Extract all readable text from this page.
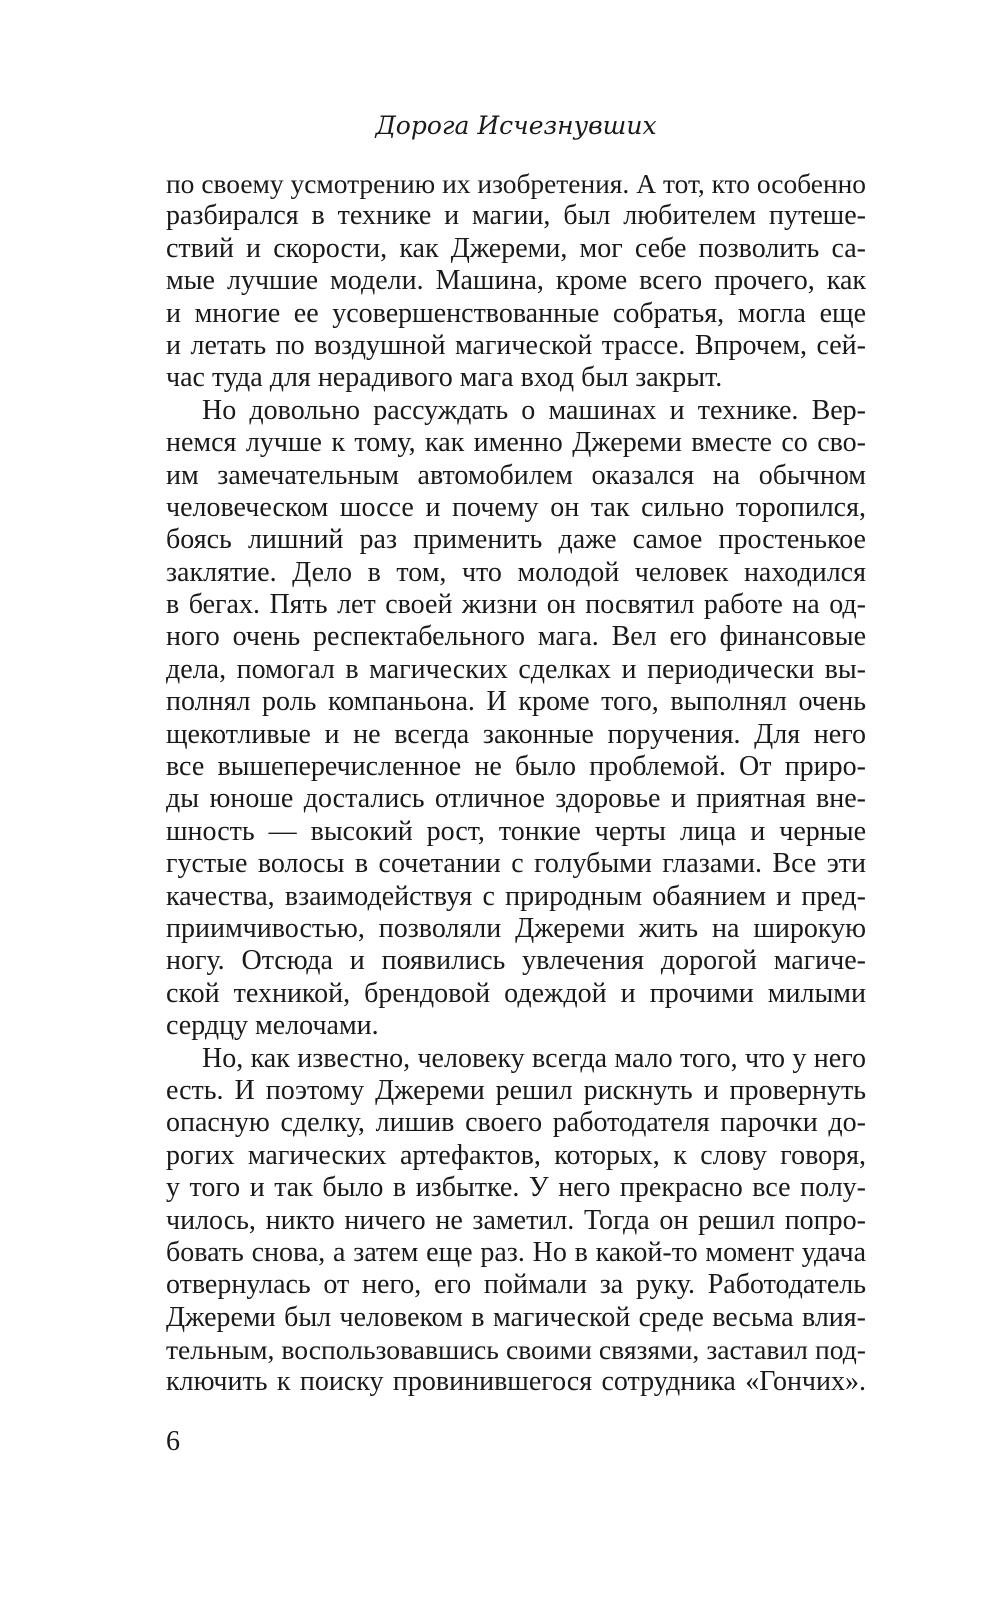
Дорога Исчезнувших
по своему усмотрению их изобретения. А тот, кто особенно
разбирался в технике и магии, был любителем путеше-
ствий и скорости, как Джереми, мог себе позволить са-
мые лучшие модели. Машина, кроме всего прочего, как
и многие ее усовершенствованные собратья, могла еще
и летать по воздушной магической трассе. Впрочем, сей-
час туда для нерадивого мага вход был закрыт.
Но довольно рассуждать о машинах и технике. Вер-
немся лучше к тому, как именно Джереми вместе со сво-
им замечательным автомобилем оказался на обычном
человеческом шоссе и почему он так сильно торопился,
боясь лишний раз применить даже самое простенькое
заклятие. Дело в том, что молодой человек находился
в бегах. Пять лет своей жизни он посвятил работе на од-
ного очень респектабельного мага. Вел его финансовые
дела, помогал в магических сделках и периодически вы-
полнял роль компаньона. И кроме того, выполнял очень
щекотливые и не всегда законные поручения. Для него
все вышеперечисленное не было проблемой. От приро-
ды юноше достались отличное здоровье и приятная вне-
шность — высокий рост, тонкие черты лица и черные
густые волосы в сочетании с голубыми глазами. Все эти
качества, взаимодействуя с природным обаянием и пред-
приимчивостью, позволяли Джереми жить на широкую
ногу. Отсюда и появились увлечения дорогой магиче-
ской техникой, брендовой одеждой и прочими милыми
сердцу мелочами.
Но, как известно, человеку всегда мало того, что у него
есть. И поэтому Джереми решил рискнуть и провернуть
опасную сделку, лишив своего работодателя парочки до-
рогих магических артефактов, которых, к слову говоря,
у того и так было в избытке. У него прекрасно все полу-
чилось, никто ничего не заметил. Тогда он решил попро-
бовать снова, а затем еще раз. Но в какой-то момент удача
отвернулась от него, его поймали за руку. Работодатель
Джереми был человеком в магической среде весьма влия-
тельным, воспользовавшись своими связями, заставил под-
ключить к поиску провинившегося сотрудника «Гончих».
6
